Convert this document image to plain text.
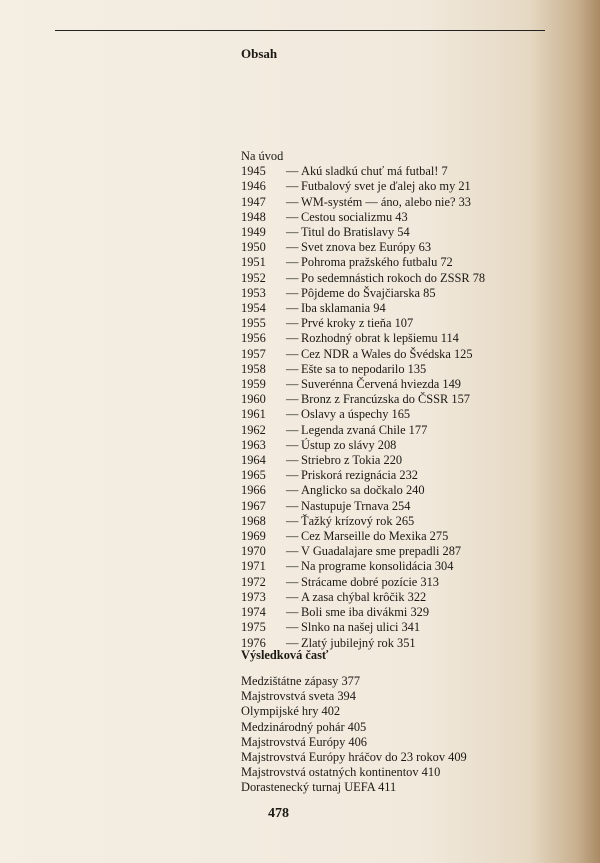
Obsah
Na úvod
1945 — Akú sladkú chuť má futbal! 7
1946 — Futbalový svet je ďalej ako my 21
1947 — WM-systém — áno, alebo nie? 33
1948 — Cestou socializmu 43
1949 — Titul do Bratislavy 54
1950 — Svet znova bez Európy 63
1951 — Pohroma pražského futbalu 72
1952 — Po sedemnástich rokoch do ZSSR 78
1953 — Pôjdeme do Švajčiarska 85
1954 — Iba sklamania 94
1955 — Prvé kroky z tieňa 107
1956 — Rozhodný obrat k lepšiemu 114
1957 — Cez NDR a Wales do Švédska 125
1958 — Ešte sa to nepodarilo 135
1959 — Suverénna Červená hviezda 149
1960 — Bronz z Francúzska do ČSSR 157
1961 — Oslavy a úspechy 165
1962 — Legenda zvaná Chile 177
1963 — Ústup zo slávy 208
1964 — Striebro z Tokia 220
1965 — Priskorá rezignácia 232
1966 — Anglicko sa dočkalo 240
1967 — Nastupuje Trnava 254
1968 — Ťažký krízový rok 265
1969 — Cez Marseille do Mexika 275
1970 — V Guadalajare sme prepadli 287
1971 — Na programe konsolidácia 304
1972 — Strácame dobré pozície 313
1973 — A zasa chýbal krôčik 322
1974 — Boli sme iba divákmi 329
1975 — Slnko na našej ulici 341
1976 — Zlatý jubilejný rok 351
Výsledková časť
Medzištátne zápasy 377
Majstrovstvá sveta 394
Olympijské hry 402
Medzinárodný pohár 405
Majstrovstvá Európy 406
Majstrovstvá Európy hráčov do 23 rokov 409
Majstrovstvá ostatných kontinentov 410
Dorastenecký turnaj UEFA 411
478
